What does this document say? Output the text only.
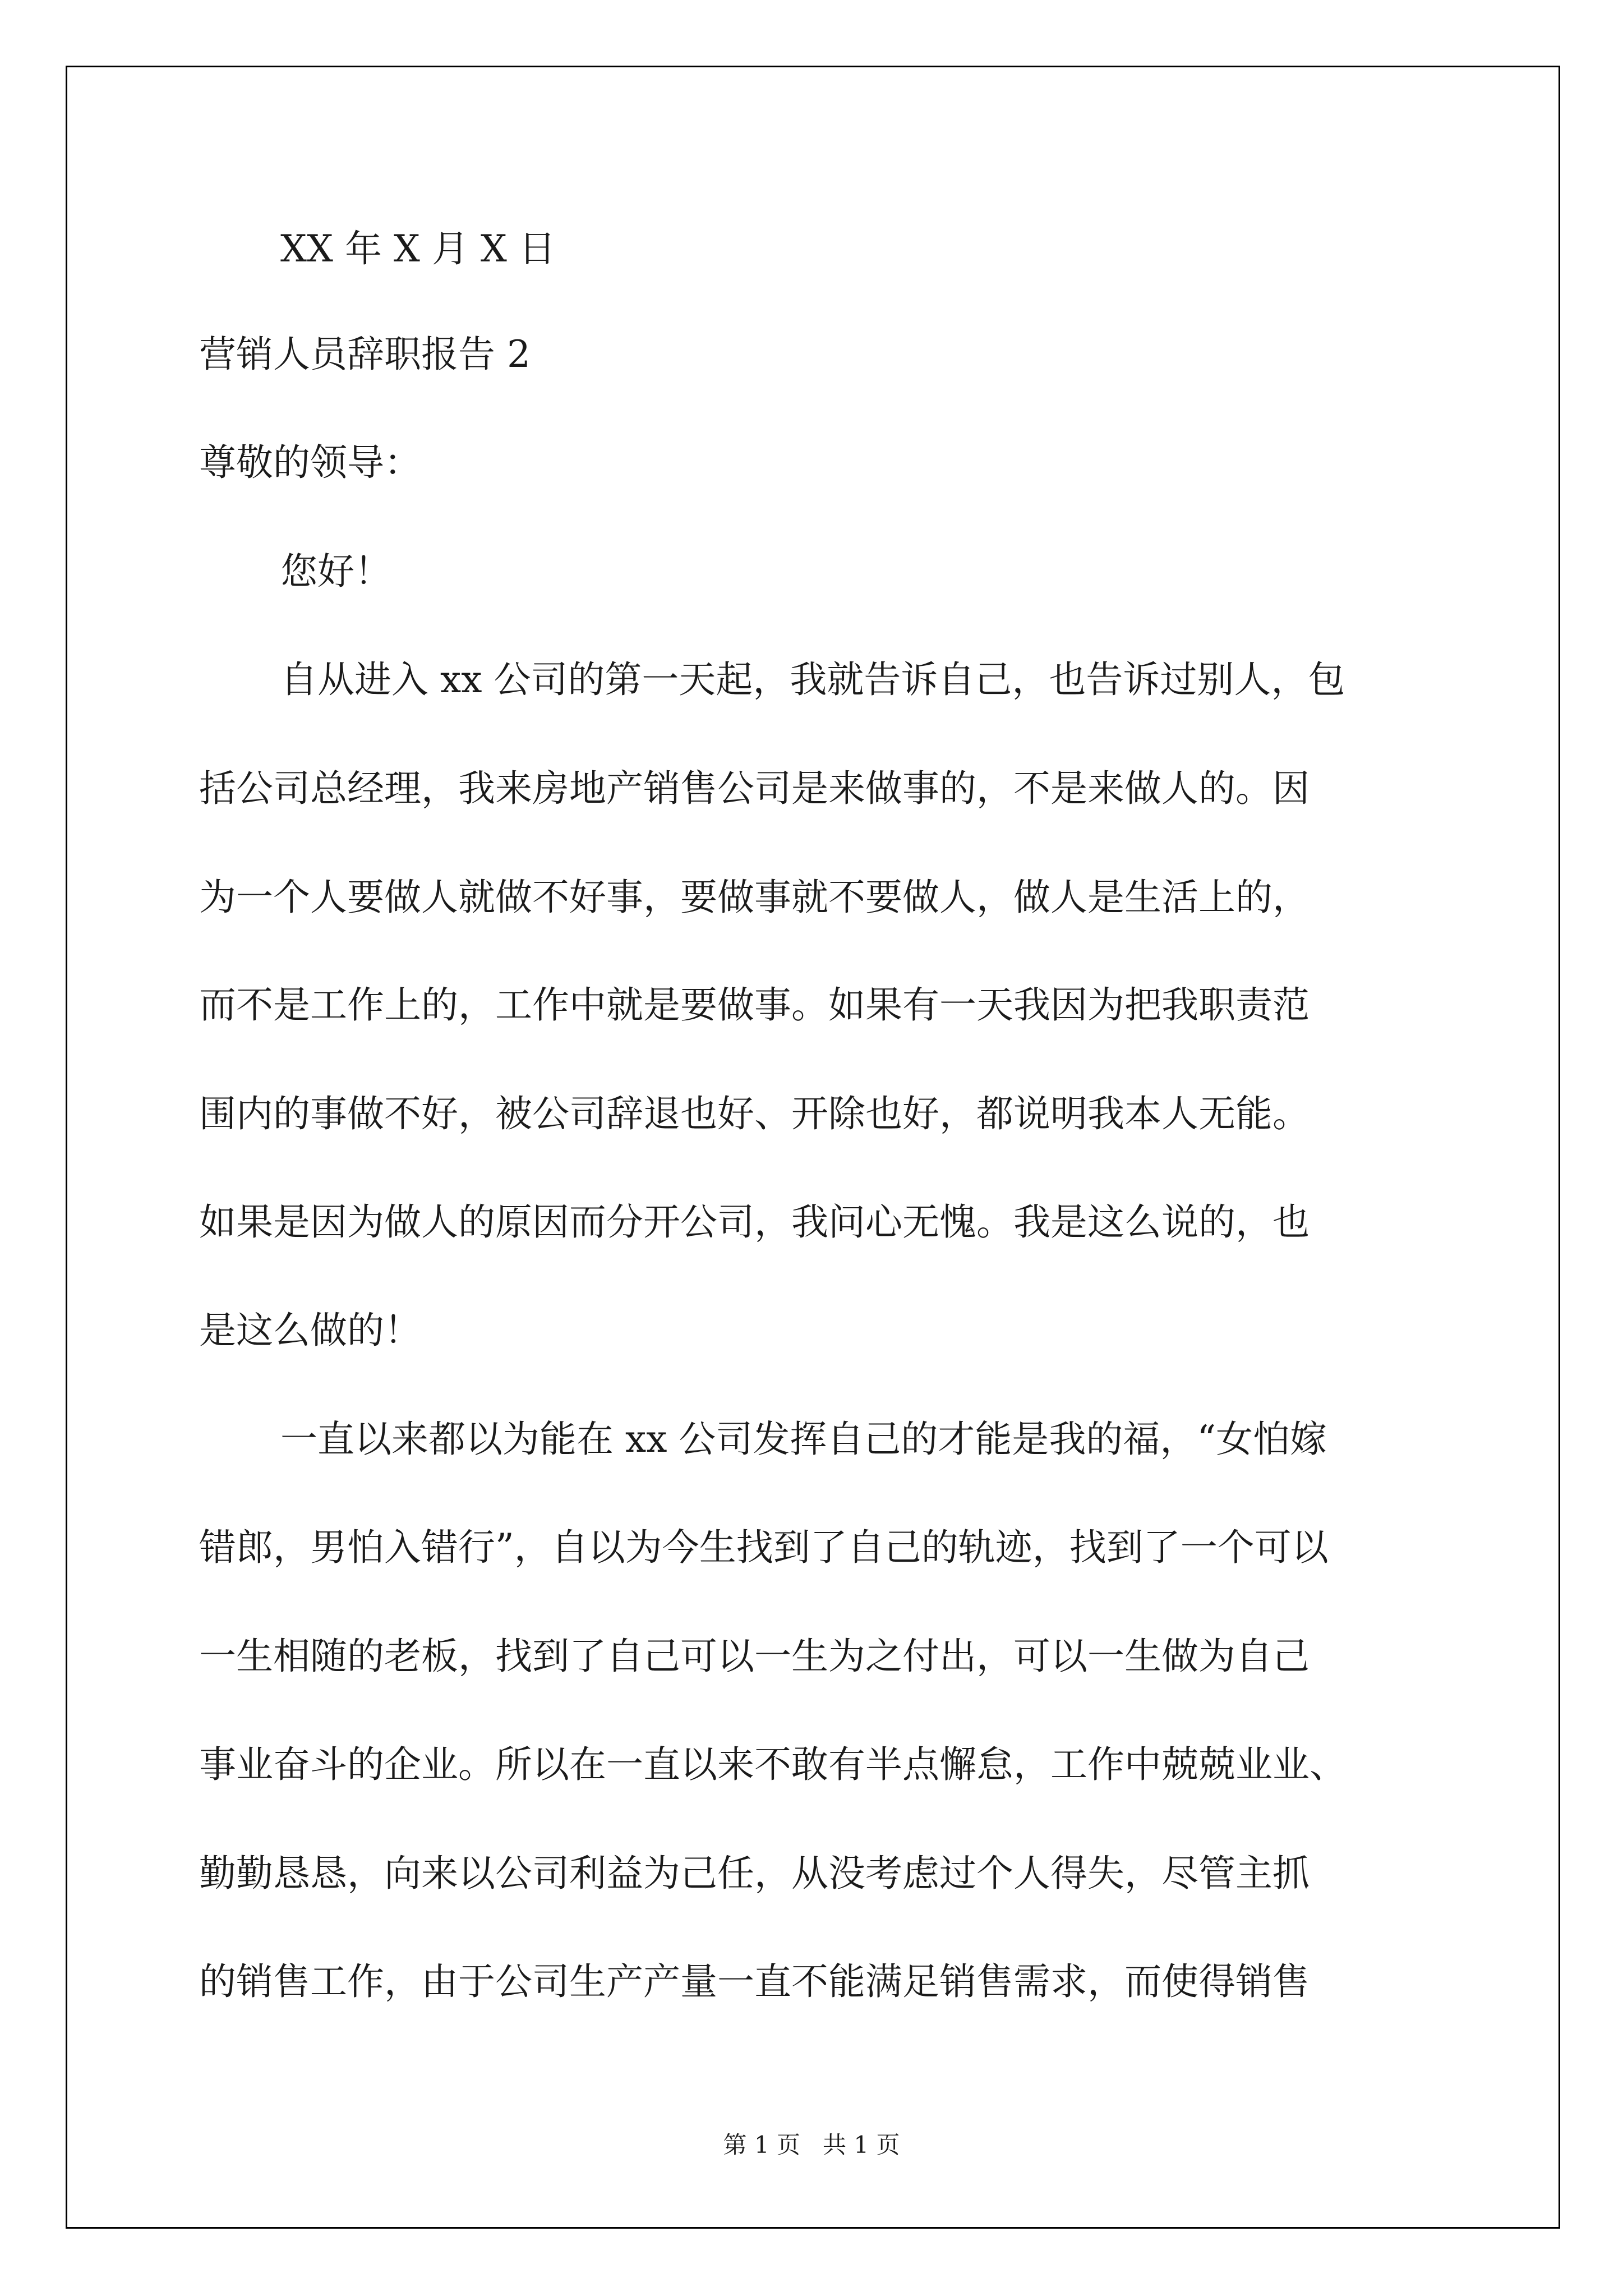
XX 年 X 月 X 日

营销人员辞职报告 2

尊敬的领导：

您好！

自从进入 xx 公司的第一天起，我就告诉自己，也告诉过别人，包

括公司总经理，我来房地产销售公司是来做事的，不是来做人的。因

为一个人要做人就做不好事，要做事就不要做人，做人是生活上的，

而不是工作上的，工作中就是要做事。如果有一天我因为把我职责范

围内的事做不好，被公司辞退也好、开除也好，都说明我本人无能。

如果是因为做人的原因而分开公司，我问心无愧。我是这么说的，也

是这么做的！

一直以来都以为能在 xx 公司发挥自己的才能是我的福，“女怕嫁

错郎，男怕入错行”，自以为今生找到了自己的轨迹，找到了一个可以

一生相随的老板，找到了自己可以一生为之付出，可以一生做为自己

事业奋斗的企业。所以在一直以来不敢有半点懈怠，工作中兢兢业业、

勤勤恳恳，向来以公司利益为己任，从没考虑过个人得失，尽管主抓

的销售工作，由于公司生产产量一直不能满足销售需求，而使得销售

第 1 页   共 1 页
